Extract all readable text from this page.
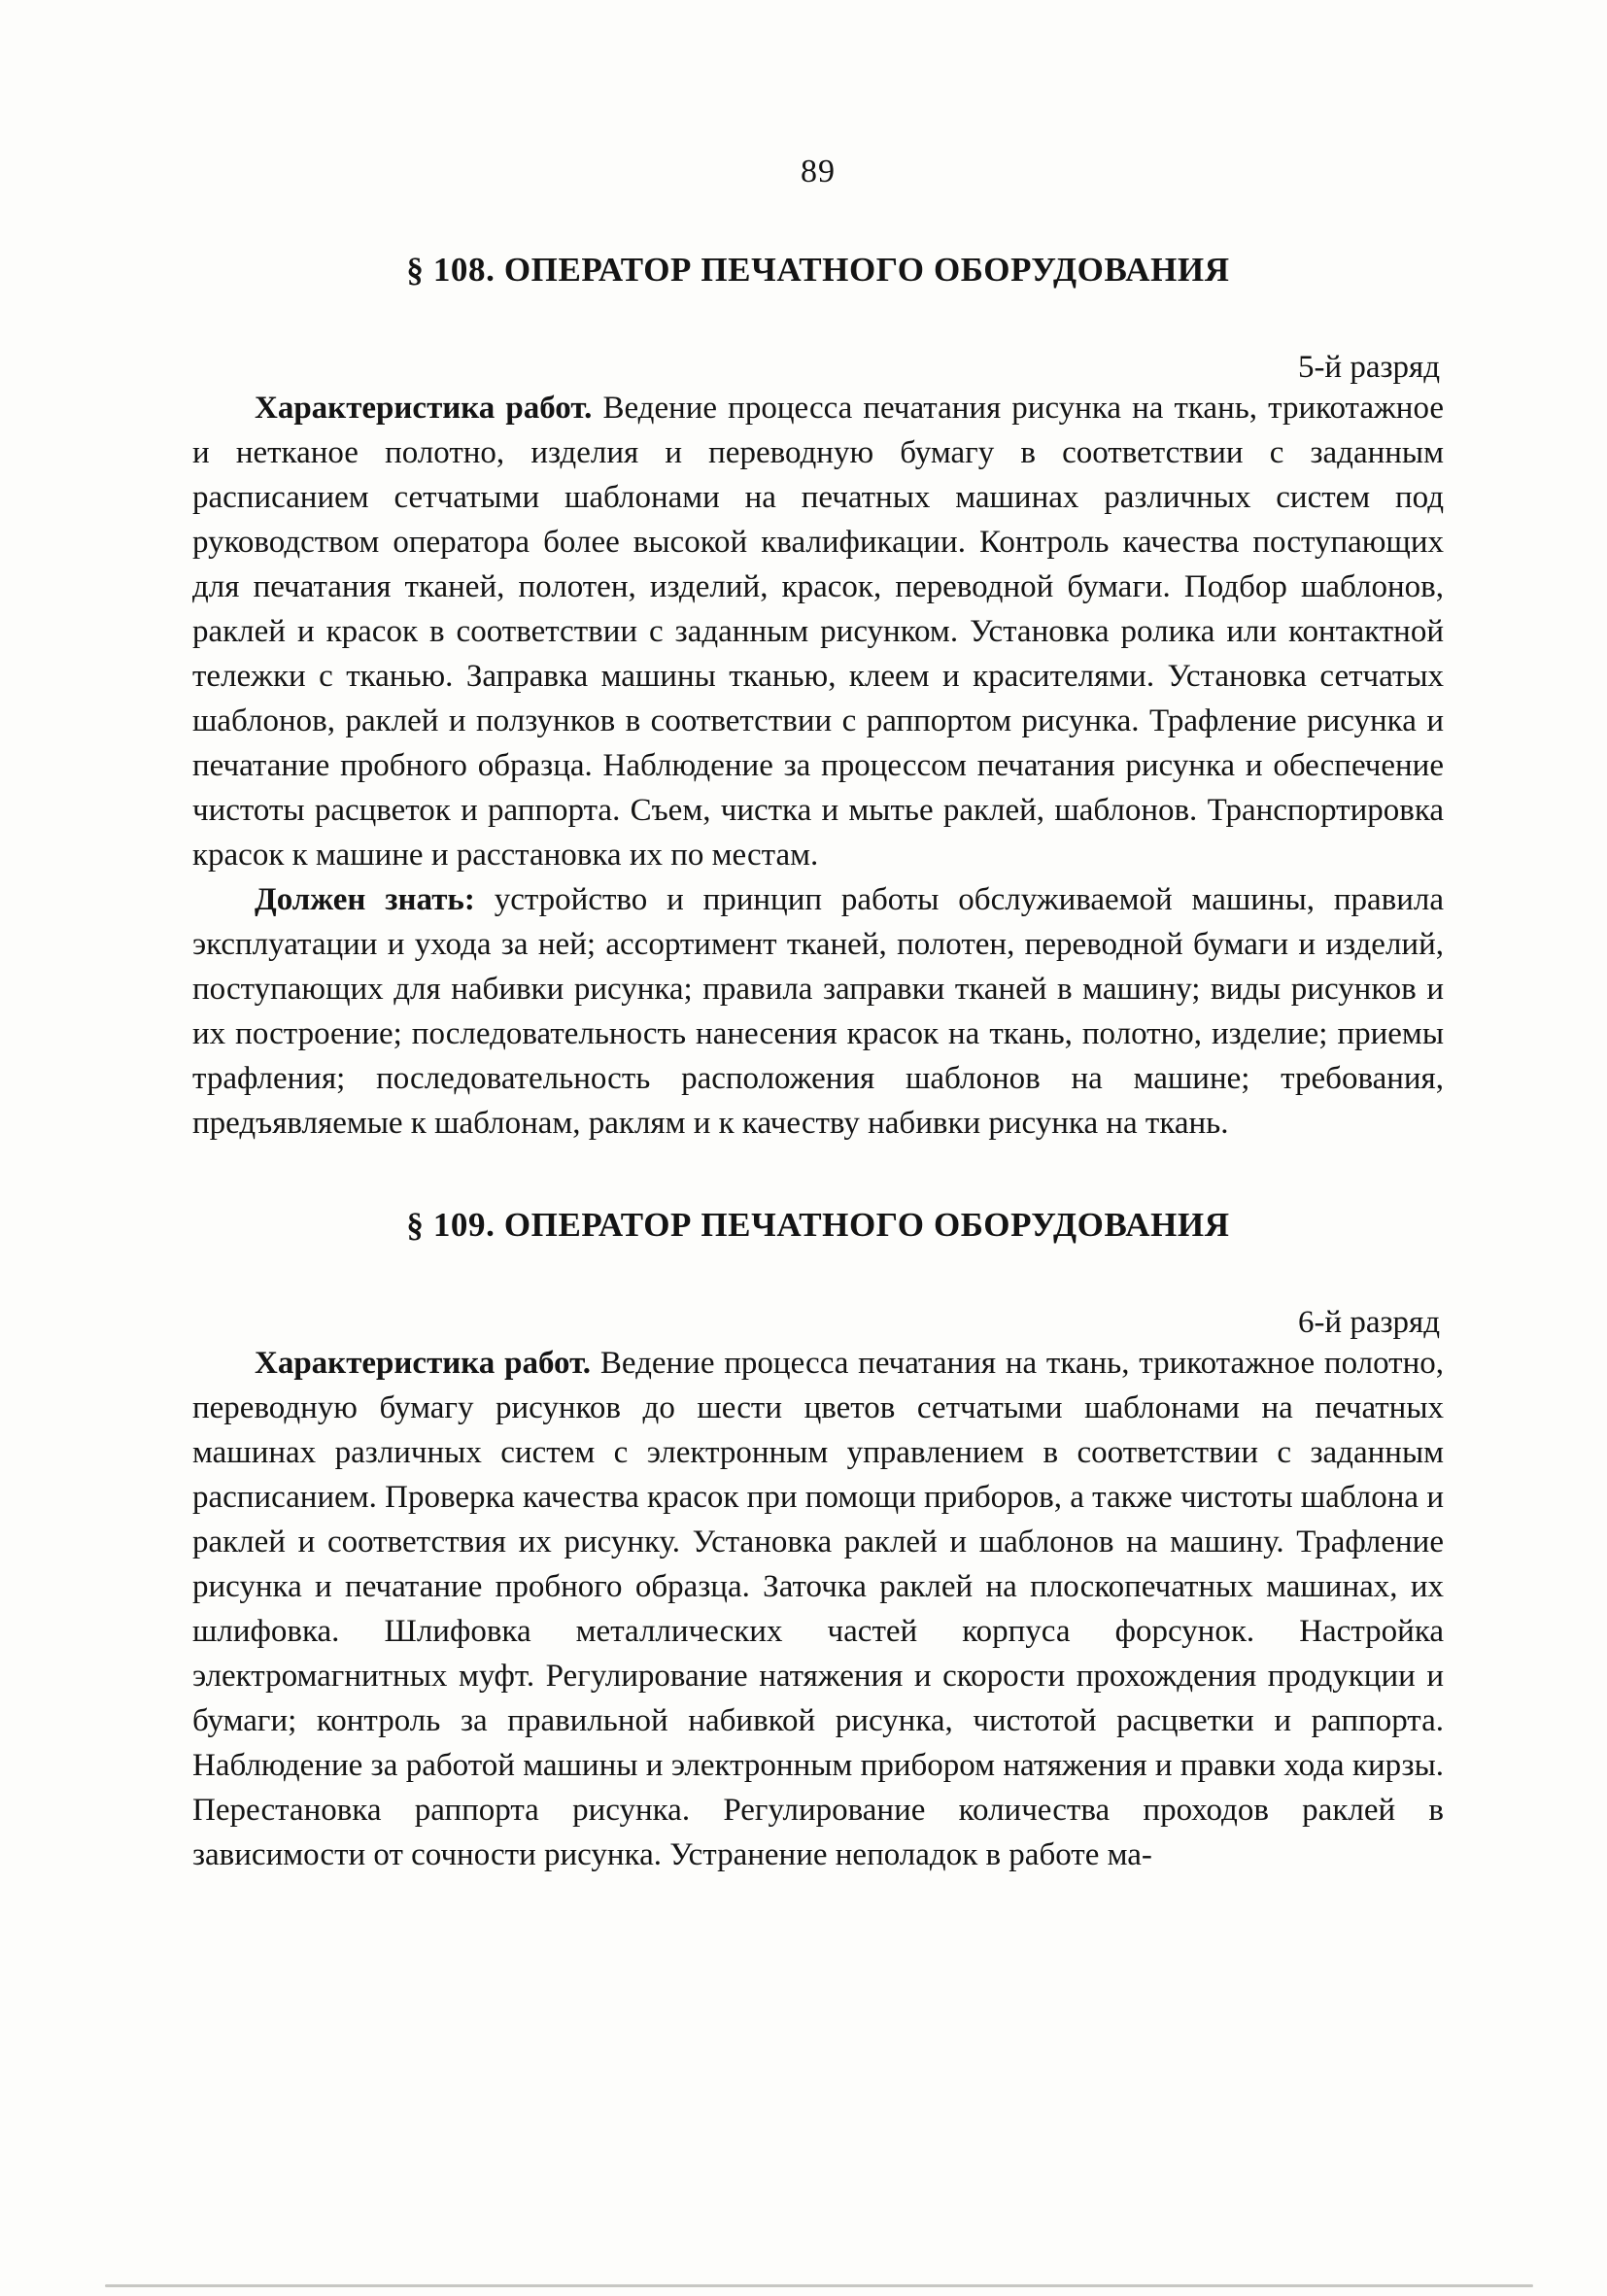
89
§ 108. ОПЕРАТОР ПЕЧАТНОГО ОБОРУДОВАНИЯ
5-й разряд

Характеристика работ. Ведение процесса печатания рисунка на ткань, трикотажное и нетканое полотно, изделия и переводную бумагу в соответствии с заданным расписанием сетчатыми шаблонами на печатных машинах различных систем под руководством оператора более высокой квалификации. Контроль качества поступающих для печатания тканей, полотен, изделий, красок, переводной бумаги. Подбор шаблонов, раклей и красок в соответствии с заданным рисунком. Установка ролика или контактной тележки с тканью. Заправка машины тканью, клеем и красителями. Установка сетчатых шаблонов, раклей и ползунков в соответствии с раппортом рисунка. Трафление рисунка и печатание пробного образца. Наблюдение за процессом печатания рисунка и обеспечение чистоты расцветок и раппорта. Съем, чистка и мытье раклей, шаблонов. Транспортировка красок к машине и расстановка их по местам.

Должен знать: устройство и принцип работы обслуживаемой машины, правила эксплуатации и ухода за ней; ассортимент тканей, полотен, переводной бумаги и изделий, поступающих для набивки рисунка; правила заправки тканей в машину; виды рисунков и их построение; последовательность нанесения красок на ткань, полотно, изделие; приемы трафления; последовательность расположения шаблонов на машине; требования, предъявляемые к шаблонам, раклям и к качеству набивки рисунка на ткань.

§ 109. ОПЕРАТОР ПЕЧАТНОГО ОБОРУДОВАНИЯ
6-й разряд

Характеристика работ. Ведение процесса печатания на ткань, трикотажное полотно, переводную бумагу рисунков до шести цветов сетчатыми шаблонами на печатных машинах различных систем с электронным управлением в соответствии с заданным расписанием. Проверка качества красок при помощи приборов, а также чистоты шаблона и раклей и соответствия их рисунку. Установка раклей и шаблонов на машину. Трафление рисунка и печатание пробного образца. Заточка раклей на плоскопечатных машинах, их шлифовка. Шлифовка металлических частей корпуса форсунок. Настройка электромагнитных муфт. Регулирование натяжения и скорости прохождения продукции и бумаги; контроль за правильной набивкой рисунка, чистотой расцветки и раппорта. Наблюдение за работой машины и электронным прибором натяжения и правки хода кирзы. Перестановка раппорта рисунка. Регулирование количества проходов раклей в зависимости от сочности рисунка. Устранение неполадок в работе ма-
